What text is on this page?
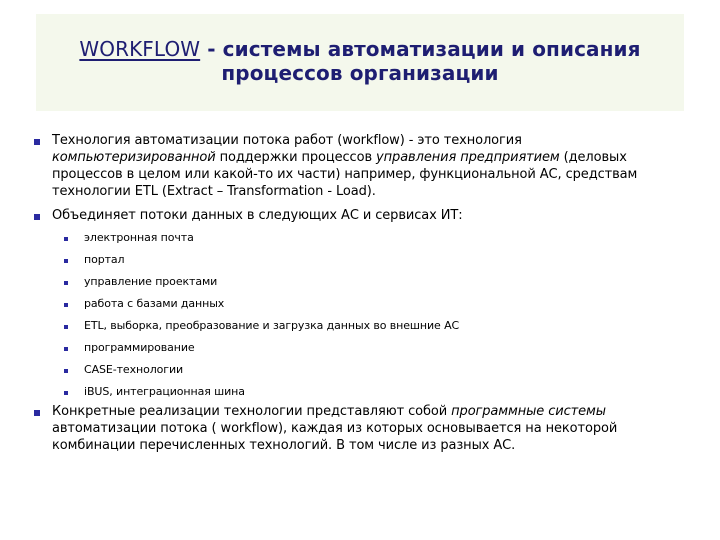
WORKFLOW - системы автоматизации и описания
процессов организации
Технология автоматизации потока работ (workflow) - это технология
компьютеризированной поддержки процессов управления предприятием (деловых
процессов в целом или какой-то их части) например, функциональной АС, средствам
технологии ETL (Extract – Transformation - Load).
Объединяет потоки данных в следующих АС и сервисах ИТ:
электронная почта
портал
управление проектами
работа с базами данных
ETL, выборка, преобразование и загрузка данных во внешние АС
программирование
CASE-технологии
iBUS, интеграционная шина
Конкретные реализации технологии представляют собой программные системы
автоматизации потока ( workflow), каждая из которых основывается на некоторой
комбинации перечисленных технологий. В том числе из разных АС.
